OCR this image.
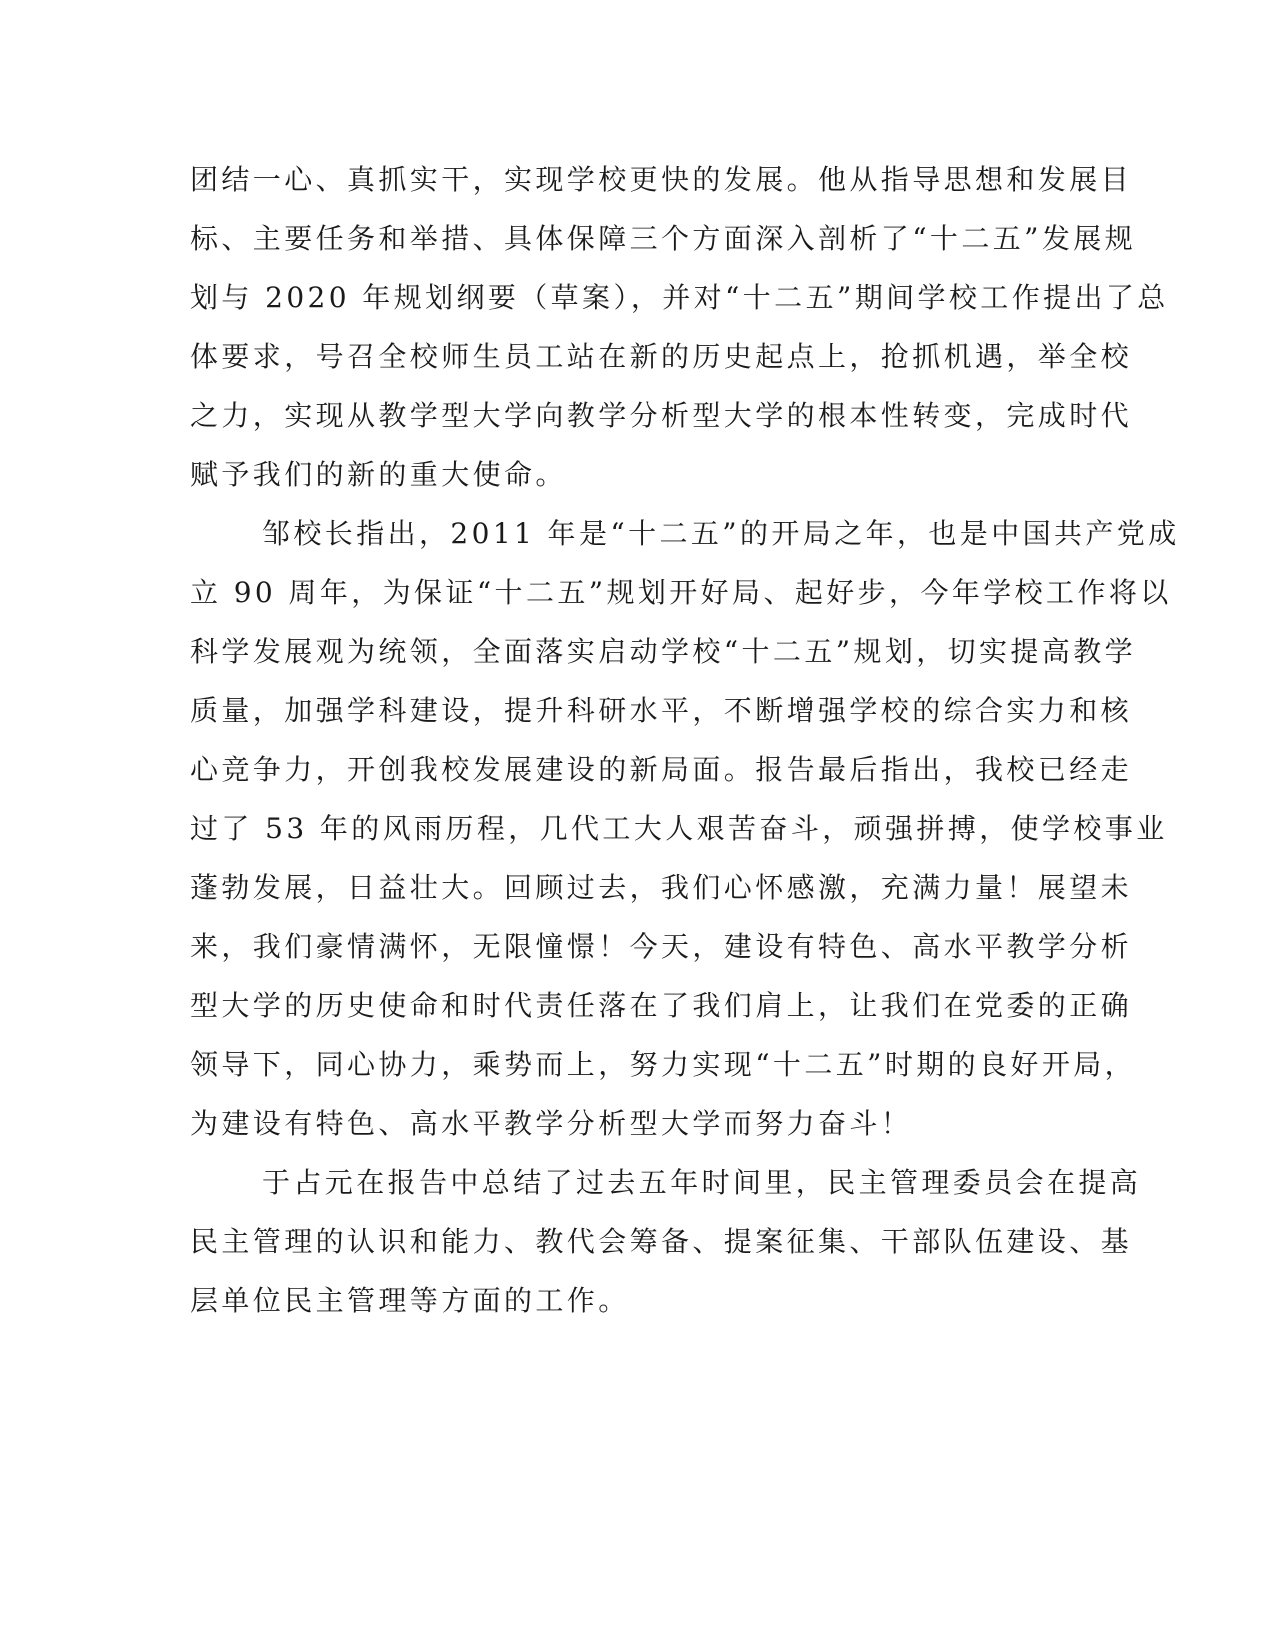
团结一心、真抓实干，实现学校更快的发展。他从指导思想和发展目
标、主要任务和举措、具体保障三个方面深入剖析了“十二五”发展规
划与 2020 年规划纲要（草案），并对“十二五”期间学校工作提出了总
体要求，号召全校师生员工站在新的历史起点上，抢抓机遇，举全校
之力，实现从教学型大学向教学分析型大学的根本性转变，完成时代
赋予我们的新的重大使命。
邹校长指出，2011 年是“十二五”的开局之年，也是中国共产党成
立 90 周年，为保证“十二五”规划开好局、起好步，今年学校工作将以
科学发展观为统领，全面落实启动学校“十二五”规划，切实提高教学
质量，加强学科建设，提升科研水平，不断增强学校的综合实力和核
心竞争力，开创我校发展建设的新局面。报告最后指出，我校已经走
过了 53 年的风雨历程，几代工大人艰苦奋斗，顽强拼搏，使学校事业
蓬勃发展，日益壮大。回顾过去，我们心怀感激，充满力量！展望未
来，我们豪情满怀，无限憧憬！今天，建设有特色、高水平教学分析
型大学的历史使命和时代责任落在了我们肩上，让我们在党委的正确
领导下，同心协力，乘势而上，努力实现“十二五”时期的良好开局，
为建设有特色、高水平教学分析型大学而努力奋斗！
于占元在报告中总结了过去五年时间里，民主管理委员会在提高
民主管理的认识和能力、教代会筹备、提案征集、干部队伍建设、基
层单位民主管理等方面的工作。
